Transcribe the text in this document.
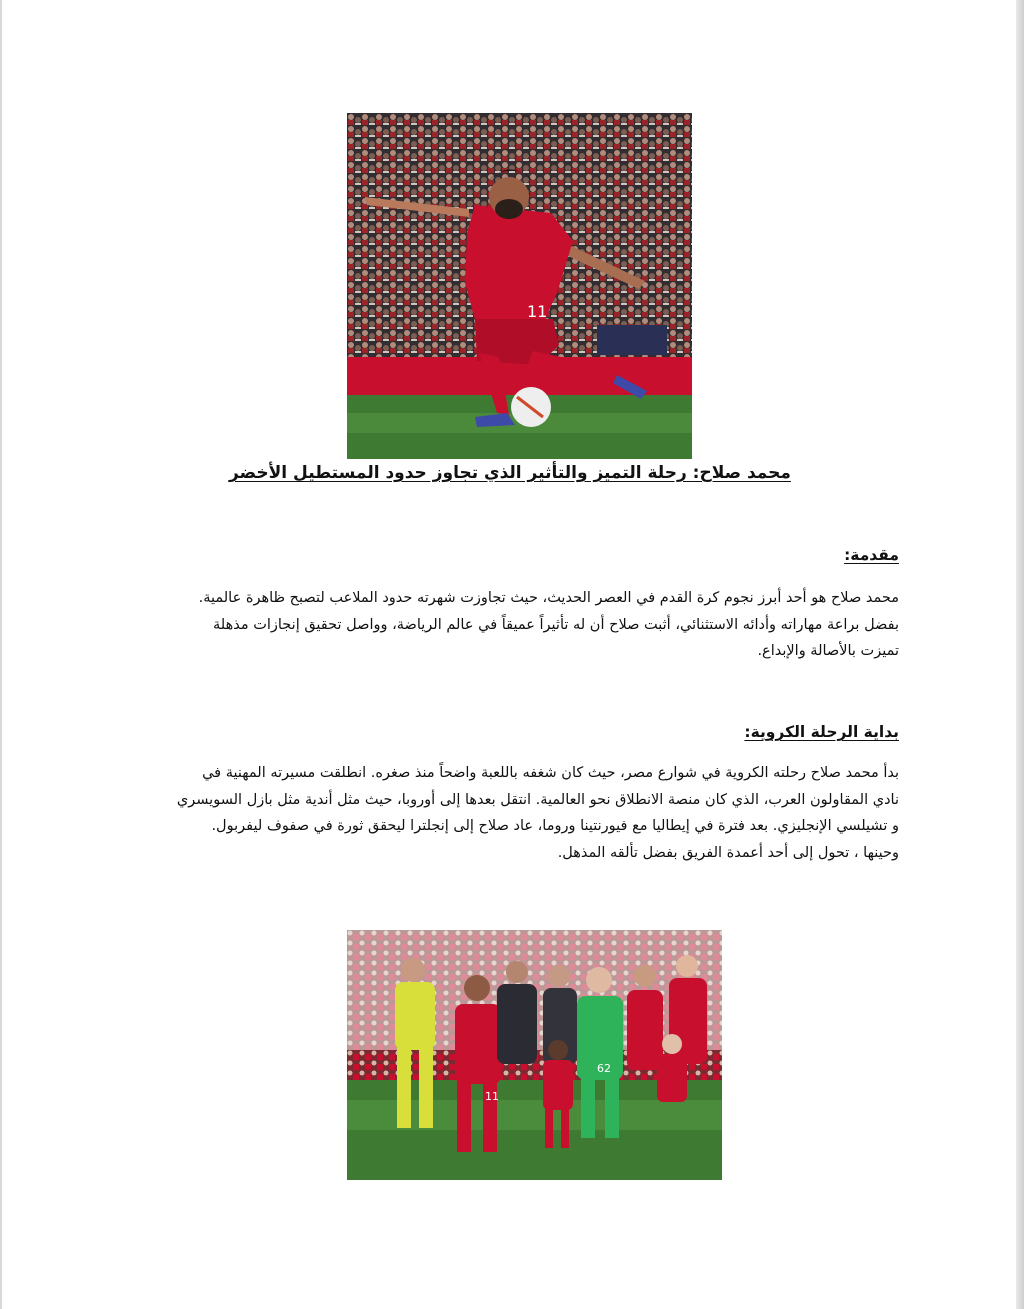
11
محمد صلاح: رحلة التميز والتأثير الذي تجاوز حدود المستطيل الأخضر
مقدمة:
محمد صلاح هو أحد أبرز نجوم كرة القدم في العصر الحديث، حيث تجاوزت شهرته حدود الملاعب لتصبح ظاهرة عالمية.
بفضل براعة مهاراته وأدائه الاستثنائي، أثبت صلاح أن له تأثيراً عميقاً في عالم الرياضة، وواصل تحقيق إنجازات مذهلة
تميزت بالأصالة والإبداع.
بداية الرحلة الكروية:
بدأ محمد صلاح رحلته الكروية في شوارع مصر، حيث كان شغفه باللعبة واضحاً منذ صغره. انطلقت مسيرته المهنية في
نادي المقاولون العرب، الذي كان منصة الانطلاق نحو العالمية. انتقل بعدها إلى أوروبا، حيث مثل أندية مثل بازل السويسري
و تشيلسي الإنجليزي. بعد فترة في إيطاليا مع فيورنتينا وروما، عاد صلاح إلى إنجلترا ليحقق ثورة في صفوف ليفربول.
وحينها ، تحول إلى أحد أعمدة الفريق بفضل تألقه المذهل.
11
62
